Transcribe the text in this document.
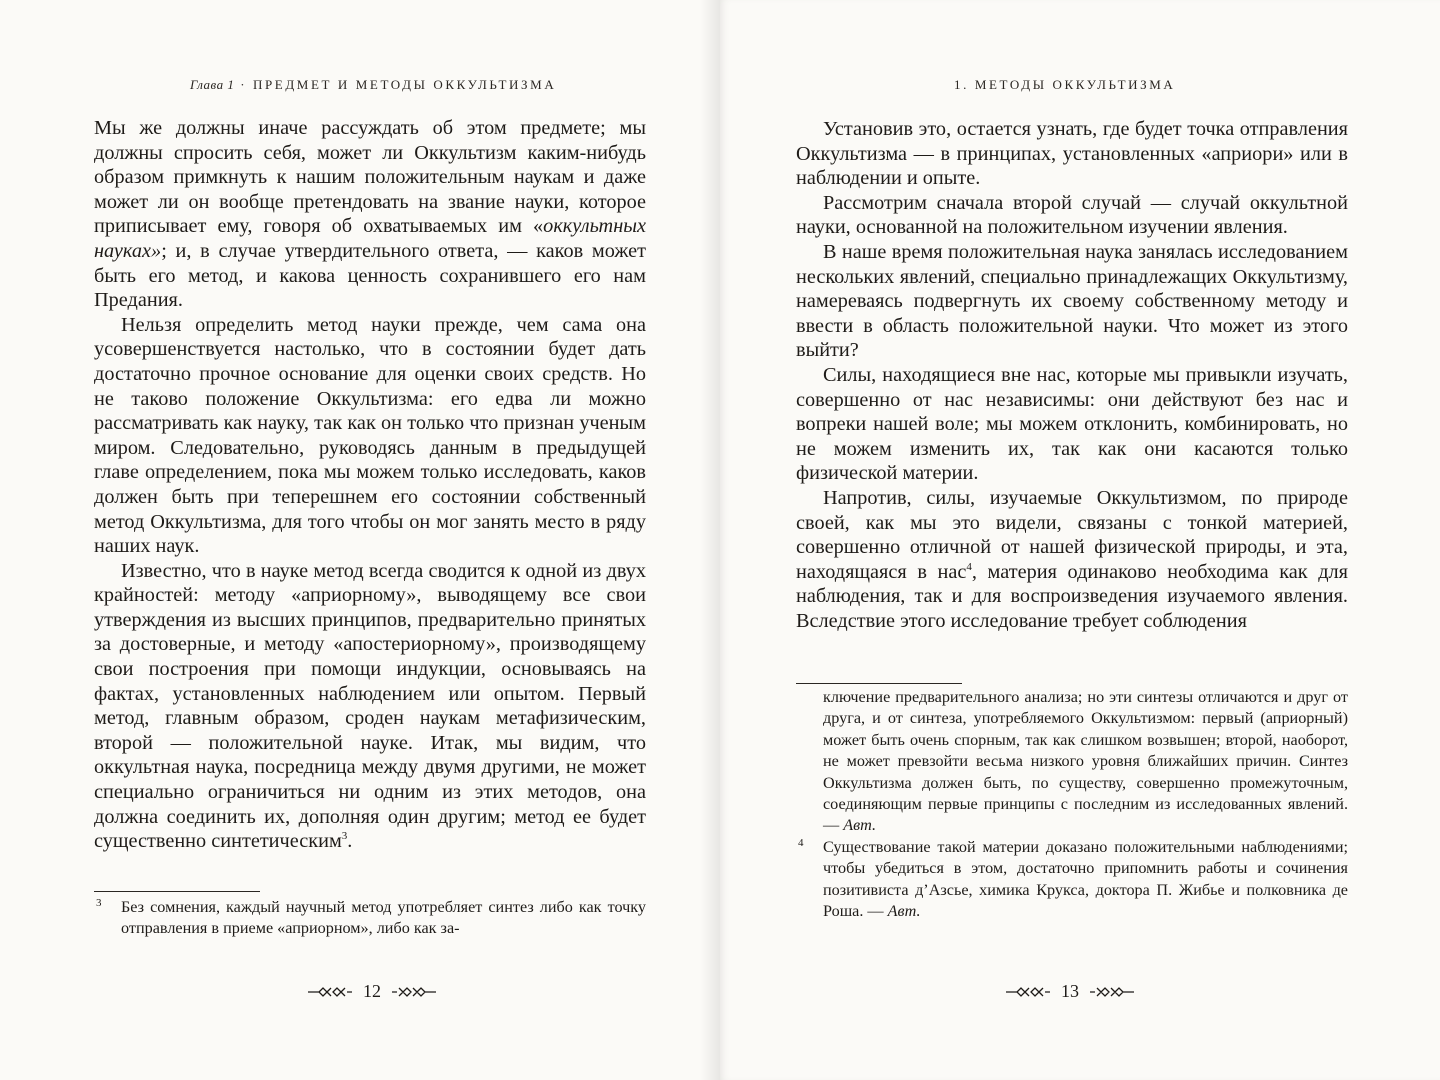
Глава 1 · ПРЕДМЕТ И МЕТОДЫ ОККУЛЬТИЗМА

Мы же должны иначе рассуждать об этом предмете; мы должны спросить себя, может ли Оккультизм каким-нибудь образом примкнуть к нашим положительным наукам и даже может ли он вообще претендовать на звание науки, которое приписывает ему, говоря об охватываемых им «оккультных науках»; и, в случае утвердительного ответа, — каков может быть его метод, и какова ценность сохранившего его нам Предания.

Нельзя определить метод науки прежде, чем сама она усовершенствуется настолько, что в состоянии будет дать достаточно прочное основание для оценки своих средств. Но не таково положение Оккультизма: его едва ли можно рассматривать как науку, так как он только что признан ученым миром. Следовательно, руководясь данным в предыдущей главе определением, пока мы можем только исследовать, каков должен быть при теперешнем его состоянии собственный метод Оккультизма, для того чтобы он мог занять место в ряду наших наук.

Известно, что в науке метод всегда сводится к одной из двух крайностей: методу «априорному», выводящему все свои утверждения из высших принципов, предварительно принятых за достоверные, и методу «апостериорному», производящему свои построения при помощи индукции, основываясь на фактах, установленных наблюдением или опытом. Первый метод, главным образом, сроден наукам метафизическим, второй — положительной науке. Итак, мы видим, что оккультная наука, посредница между двумя другими, не может специально ограничиться ни одним из этих методов, она должна соединить их, дополняя один другим; метод ее будет существенно синтетическим$^3$.

3 Без сомнения, каждый научный метод употребляет синтез либо как точку отправления в приеме «априорном», либо как за-
12
1. МЕТОДЫ ОККУЛЬТИЗМА

Установив это, остается узнать, где будет точка отправления Оккультизма — в принципах, установленных «априори» или в наблюдении и опыте.

Рассмотрим сначала второй случай — случай оккультной науки, основанной на положительном изучении явления.

В наше время положительная наука занялась исследованием нескольких явлений, специально принадлежащих Оккультизму, намереваясь подвергнуть их своему собственному методу и ввести в область положительной науки. Что может из этого выйти?

Силы, находящиеся вне нас, которые мы привыкли изучать, совершенно от нас независимы: они действуют без нас и вопреки нашей воле; мы можем отклонить, комбинировать, но не можем изменить их, так как они касаются только физической материи.

Напротив, силы, изучаемые Оккультизмом, по природе своей, как мы это видели, связаны с тонкой материей, совершенно отличной от нашей физической природы, и эта, находящаяся в нас$^4$, материя одинаково необходима как для наблюдения, так и для воспроизведения изучаемого явления. Вследствие этого исследование требует соблюдения

ключение предварительного анализа; но эти синтезы отличаются и друг от друга, и от синтеза, употребляемого Оккультизмом: первый (априорный) может быть очень спорным, так как слишком возвышен; второй, наоборот, не может превзойти весьма низкого уровня ближайших причин. Синтез Оккультизма должен быть, по существу, совершенно промежуточным, соединяющим первые принципы с последним из исследованных явлений. — Авт.
4 Существование такой материи доказано положительными наблюдениями; чтобы убедиться в этом, достаточно припомнить работы и сочинения позитивиста д’Азсье, химика Крукса, доктора П. Жибье и полковника де Роша. — Авт.
13
